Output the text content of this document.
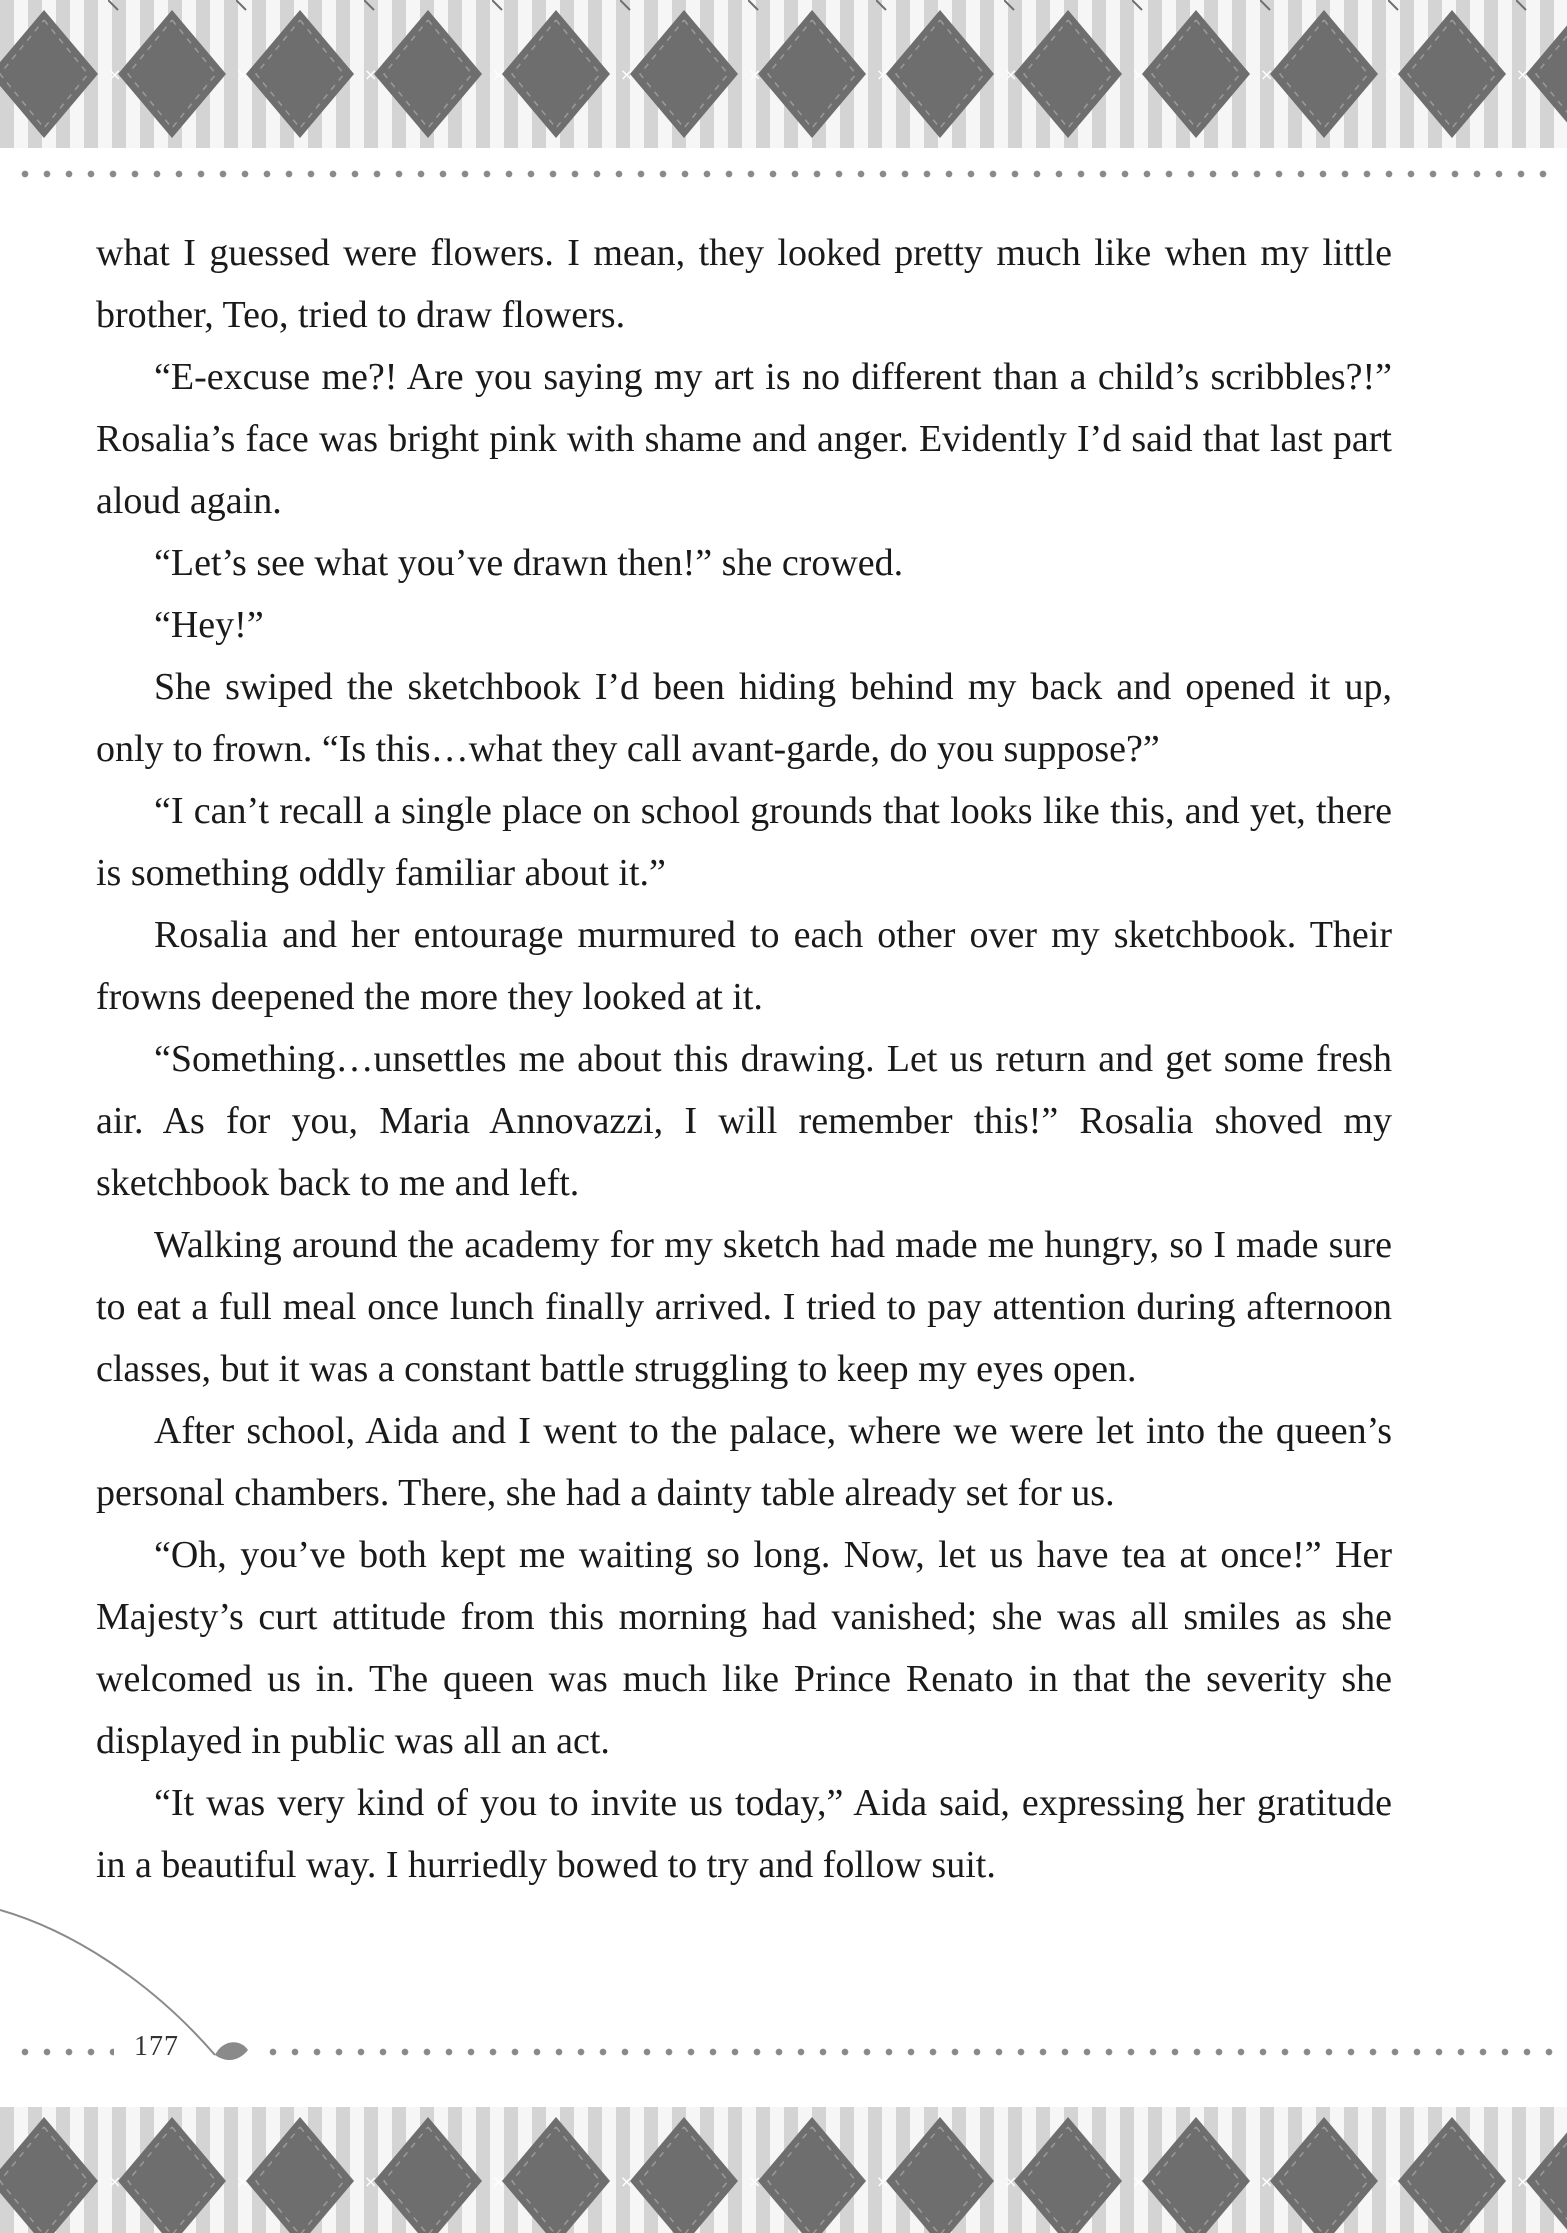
what I guessed were flowers. I mean, they looked pretty much like when my little brother, Teo, tried to draw flowers.

“E-excuse me?! Are you saying my art is no different than a child’s scribbles?!” Rosalia’s face was bright pink with shame and anger. Evidently I’d said that last part aloud again.

“Let’s see what you’ve drawn then!” she crowed.

“Hey!”

She swiped the sketchbook I’d been hiding behind my back and opened it up, only to frown. “Is this…what they call avant-garde, do you suppose?”

“I can’t recall a single place on school grounds that looks like this, and yet, there is something oddly familiar about it.”

Rosalia and her entourage murmured to each other over my sketchbook. Their frowns deepened the more they looked at it.

“Something…unsettles me about this drawing. Let us return and get some fresh air. As for you, Maria Annovazzi, I will remember this!” Rosalia shoved my sketchbook back to me and left.

Walking around the academy for my sketch had made me hungry, so I made sure to eat a full meal once lunch finally arrived. I tried to pay attention during afternoon classes, but it was a constant battle struggling to keep my eyes open.

After school, Aida and I went to the palace, where we were let into the queen’s personal chambers. There, she had a dainty table already set for us.

“Oh, you’ve both kept me waiting so long. Now, let us have tea at once!” Her Majesty’s curt attitude from this morning had vanished; she was all smiles as she welcomed us in. The queen was much like Prince Renato in that the severity she displayed in public was all an act.

“It was very kind of you to invite us today,” Aida said, expressing her gratitude in a beautiful way. I hurriedly bowed to try and follow suit.

177
